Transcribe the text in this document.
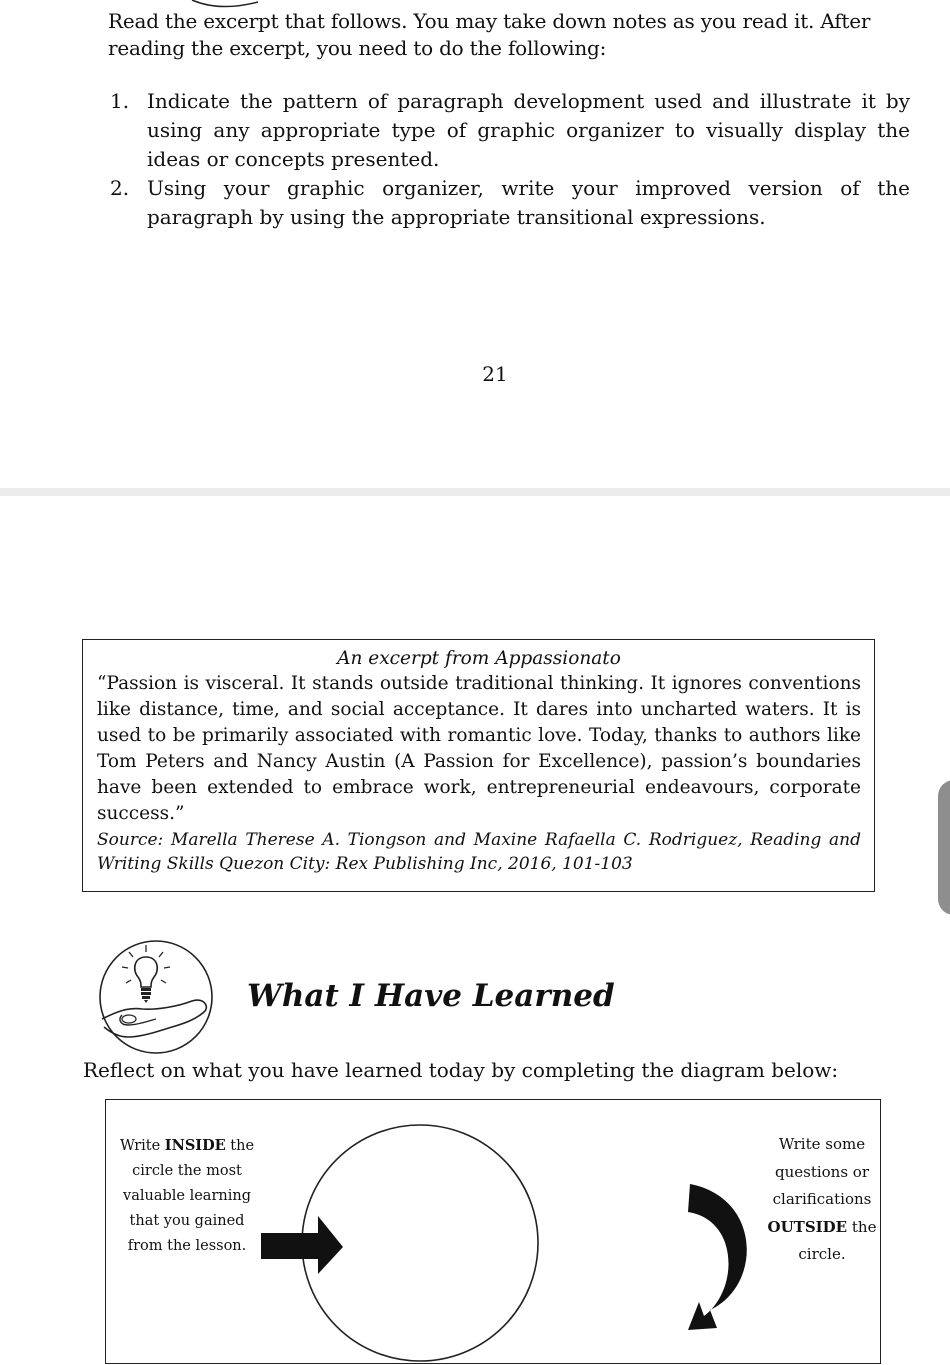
Read the excerpt that follows. You may take down notes as you read it. After reading the excerpt, you need to do the following:
1. Indicate the pattern of paragraph development used and illustrate it by using any appropriate type of graphic organizer to visually display the ideas or concepts presented.
2. Using your graphic organizer, write your improved version of the paragraph by using the appropriate transitional expressions.
21
An excerpt from Appassionato
“Passion is visceral. It stands outside traditional thinking. It ignores conventions like distance, time, and social acceptance. It dares into uncharted waters. It is used to be primarily associated with romantic love. Today, thanks to authors like Tom Peters and Nancy Austin (A Passion for Excellence), passion’s boundaries have been extended to embrace work, entrepreneurial endeavours, corporate success.”
Source: Marella Therese A. Tiongson and Maxine Rafaella C. Rodriguez, Reading and Writing Skills Quezon City: Rex Publishing Inc, 2016, 101-103
What I Have Learned
Reflect on what you have learned today by completing the diagram below:
Write INSIDE the circle the most valuable learning that you gained from the lesson.
Write some questions or clarifications OUTSIDE the circle.
